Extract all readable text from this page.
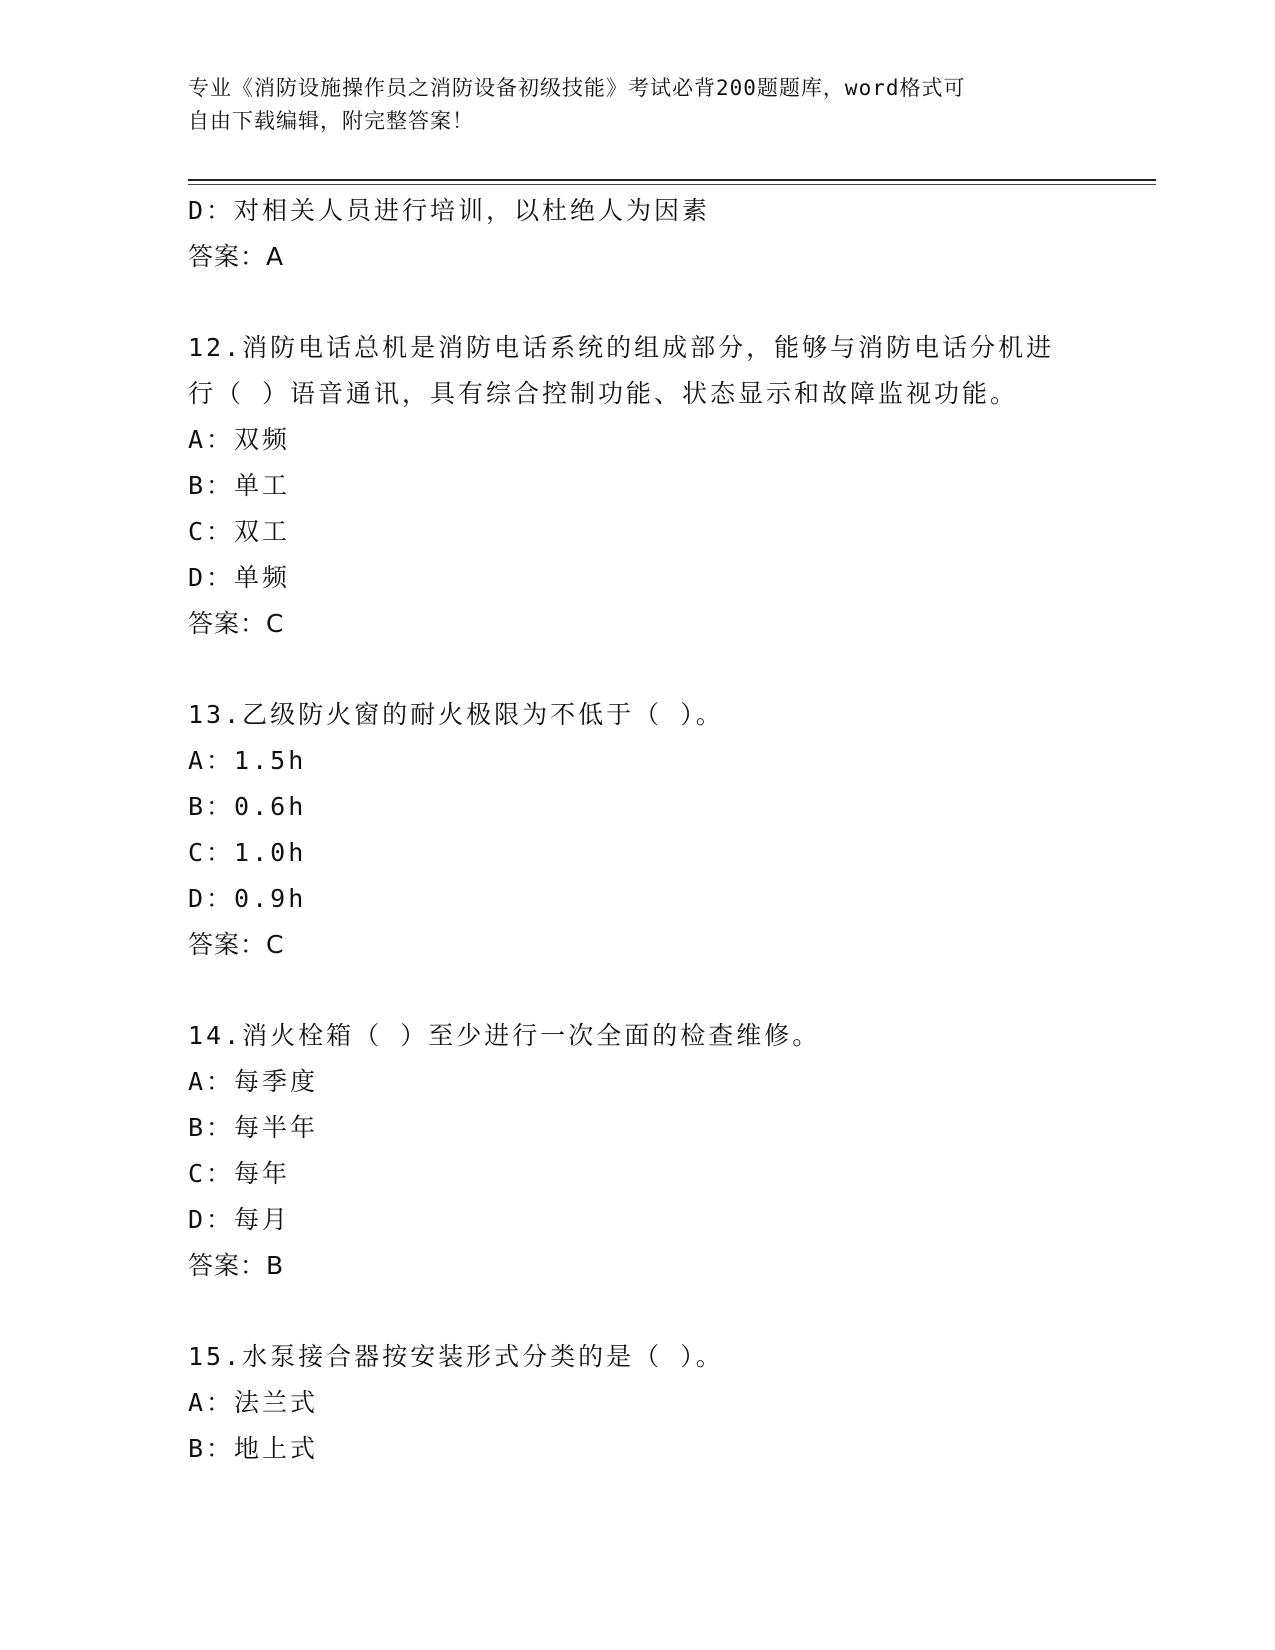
专业《消防设施操作员之消防设备初级技能》考试必背200题题库，word格式可
自由下载编辑，附完整答案！
D：对相关人员进行培训，以杜绝人为因素
答案：A
12.消防电话总机是消防电话系统的组成部分，能够与消防电话分机进
行（ ）语音通讯，具有综合控制功能、状态显示和故障监视功能。
A：双频
B：单工
C：双工
D：单频
答案：C
13.乙级防火窗的耐火极限为不低于（ ）。
A：1.5h
B：0.6h
C：1.0h
D：0.9h
答案：C
14.消火栓箱（ ）至少进行一次全面的检查维修。
A：每季度
B：每半年
C：每年
D：每月
答案：B
15.水泵接合器按安装形式分类的是（ ）。
A：法兰式
B：地上式
